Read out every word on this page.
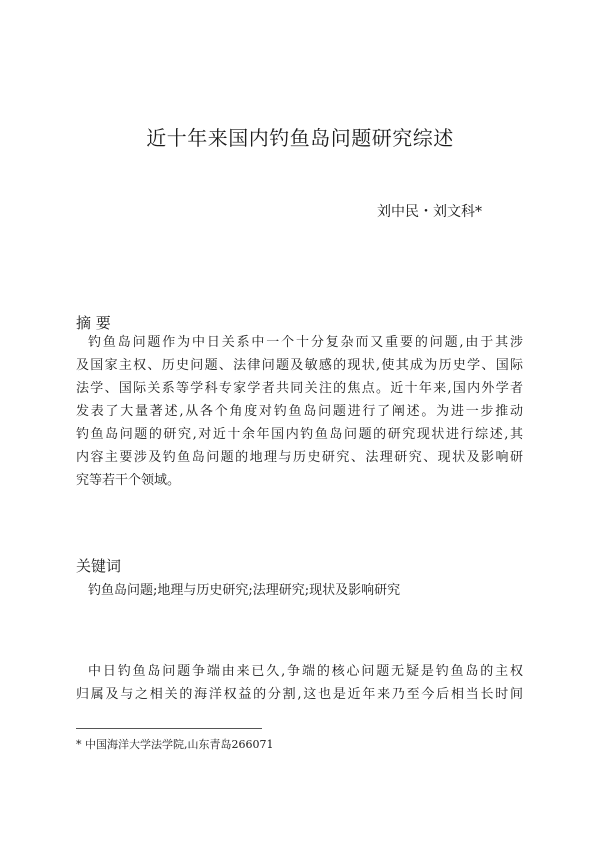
近十年来国内钓鱼岛问题研究综述
刘中民・刘文科*
摘 要
钓鱼岛问题作为中日关系中一个十分复杂而又重要的问题,由于其涉
及国家主权、历史问题、法律问题及敏感的现状,使其成为历史学、国际
法学、国际关系等学科专家学者共同关注的焦点。近十年来,国内外学者
发表了大量著述,从各个角度对钓鱼岛问题进行了阐述。为进一步推动
钓鱼岛问题的研究,对近十余年国内钓鱼岛问题的研究现状进行综述,其
内容主要涉及钓鱼岛问题的地理与历史研究、法理研究、现状及影响研
究等若干个领域。
关键词
钓鱼岛问题;地理与历史研究;法理研究;现状及影响研究
中日钓鱼岛问题争端由来已久,争端的核心问题无疑是钓鱼岛的主权
归属及与之相关的海洋权益的分割,这也是近年来乃至今后相当长时间
* 中国海洋大学法学院,山东青岛266071
